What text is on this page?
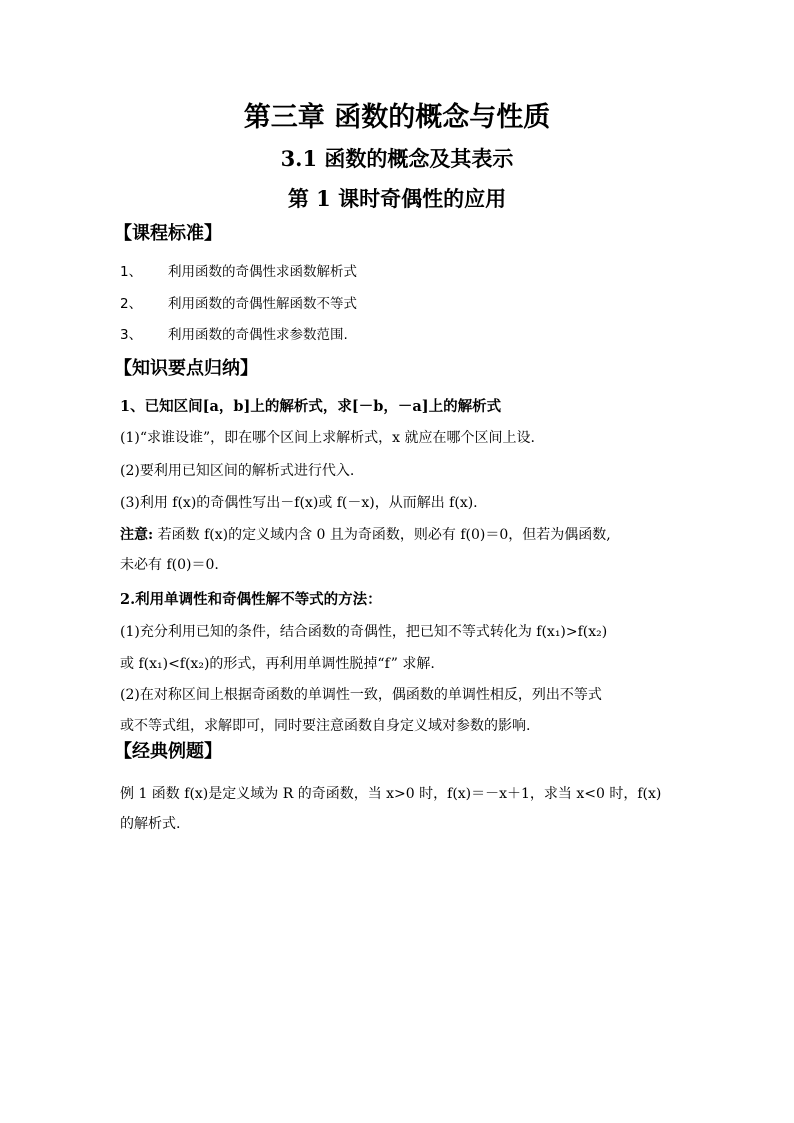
第三章 函数的概念与性质
3.1 函数的概念及其表示
第 1 课时奇偶性的应用
【课程标准】
1、 利用函数的奇偶性求函数解析式
2、 利用函数的奇偶性解函数不等式
3、 利用函数的奇偶性求参数范围.
【知识要点归纳】
1、已知区间[a，b]上的解析式，求[－b，－a]上的解析式
(1)“求谁设谁”，即在哪个区间上求解析式，x 就应在哪个区间上设.
(2)要利用已知区间的解析式进行代入.
(3)利用 f(x)的奇偶性写出－f(x)或 f(－x)，从而解出 f(x).
注意: 若函数 f(x)的定义域内含 0 且为奇函数，则必有 f(0)＝0，但若为偶函数,
未必有 f(0)＝0.
2.利用单调性和奇偶性解不等式的方法：
(1)充分利用已知的条件，结合函数的奇偶性，把已知不等式转化为 f(x₁)>f(x₂)
或 f(x₁)<f(x₂)的形式，再利用单调性脱掉“f” 求解.
(2)在对称区间上根据奇函数的单调性一致，偶函数的单调性相反，列出不等式
或不等式组，求解即可，同时要注意函数自身定义域对参数的影响.
【经典例题】
例 1 函数 f(x)是定义域为 R 的奇函数，当 x>0 时，f(x)＝－x＋1，求当 x<0 时，f(x)
的解析式.
